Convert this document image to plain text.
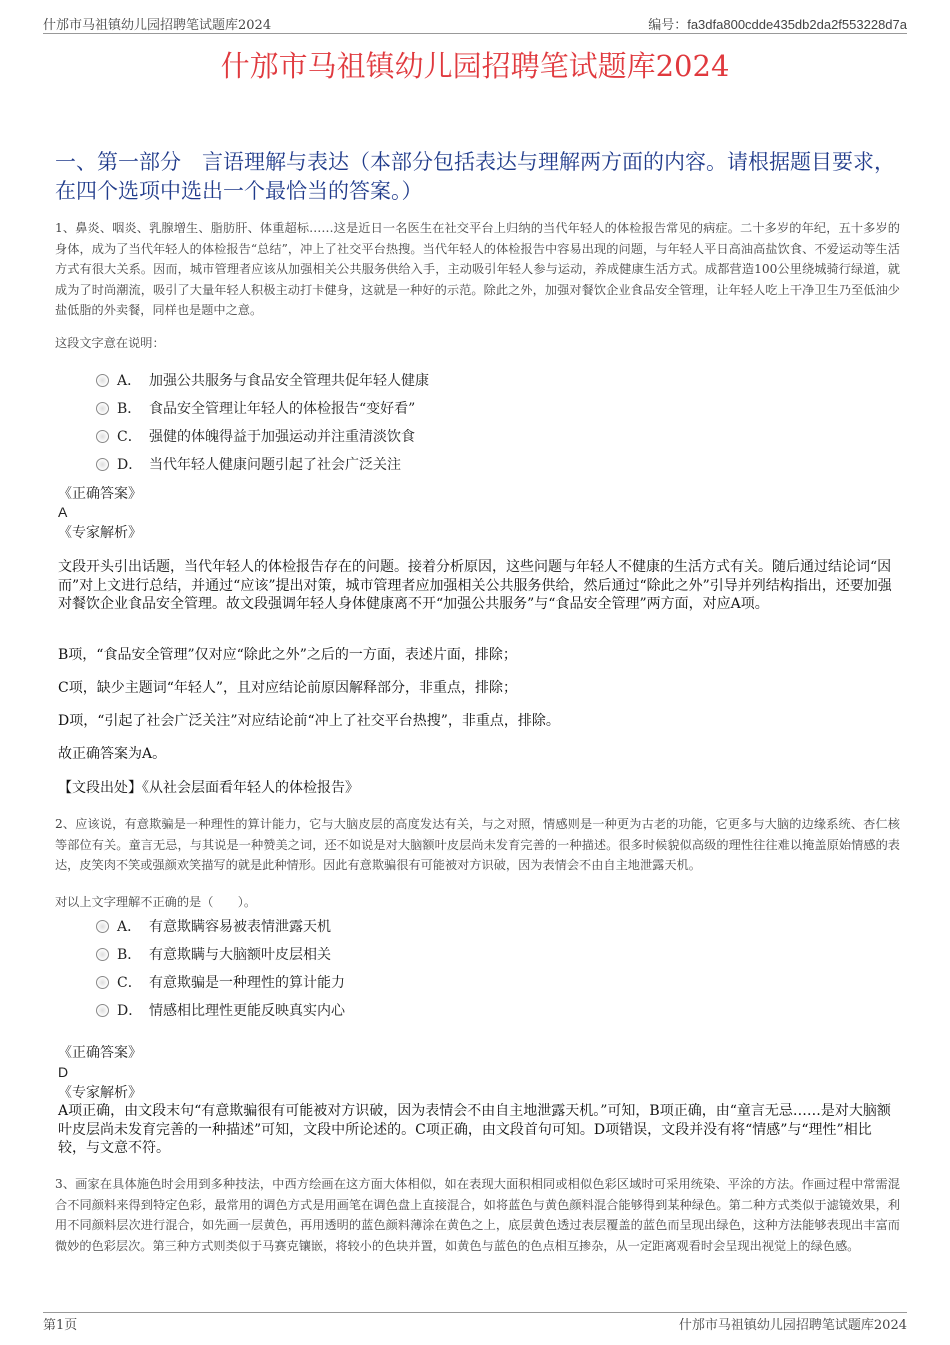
什邡市马祖镇幼儿园招聘笔试题库2024	编号：fa3dfa800cdde435db2da2f553228d7a
什邡市马祖镇幼儿园招聘笔试题库2024
一、第一部分　言语理解与表达（本部分包括表达与理解两方面的内容。请根据题目要求，在四个选项中选出一个最恰当的答案。）
1、鼻炎、咽炎、乳腺增生、脂肪肝、体重超标……这是近日一名医生在社交平台上归纳的当代年轻人的体检报告常见的病症。二十多岁的年纪，五十多岁的身体，成为了当代年轻人的体检报告“总结”，冲上了社交平台热搜。当代年轻人的体检报告中容易出现的问题，与年轻人平日高油高盐饮食、不爱运动等生活方式有很大关系。因而，城市管理者应该从加强相关公共服务供给入手，主动吸引年轻人参与运动，养成健康生活方式。成都营造100公里绕城骑行绿道，就成为了时尚潮流，吸引了大量年轻人积极主动打卡健身，这就是一种好的示范。除此之外，加强对餐饮企业食品安全管理，让年轻人吃上干净卫生乃至低油少盐低脂的外卖餐，同样也是题中之意。
这段文字意在说明：
A． 加强公共服务与食品安全管理共促年轻人健康
B． 食品安全管理让年轻人的体检报告“变好看”
C． 强健的体魄得益于加强运动并注重清淡饮食
D． 当代年轻人健康问题引起了社会广泛关注
《正确答案》
A
《专家解析》
文段开头引出话题，当代年轻人的体检报告存在的问题。接着分析原因，这些问题与年轻人不健康的生活方式有关。随后通过结论词“因而”对上文进行总结，并通过“应该”提出对策，城市管理者应加强相关公共服务供给，然后通过“除此之外”引导并列结构指出，还要加强对餐饮企业食品安全管理。故文段强调年轻人身体健康离不开“加强公共服务”与“食品安全管理”两方面，对应A项。
B项，“食品安全管理”仅对应“除此之外”之后的一方面，表述片面，排除；
C项，缺少主题词“年轻人”，且对应结论前原因解释部分，非重点，排除；
D项，“引起了社会广泛关注”对应结论前“冲上了社交平台热搜”，非重点，排除。
故正确答案为A。
【文段出处】《从社会层面看年轻人的体检报告》
2、应该说，有意欺骗是一种理性的算计能力，它与大脑皮层的高度发达有关，与之对照，情感则是一种更为古老的功能，它更多与大脑的边缘系统、杏仁核等部位有关。童言无忌，与其说是一种赞美之词，还不如说是对大脑额叶皮层尚未发育完善的一种描述。很多时候貌似高级的理性往往难以掩盖原始情感的表达，皮笑肉不笑或强颜欢笑描写的就是此种情形。因此有意欺骗很有可能被对方识破，因为表情会不由自主地泄露天机。
对以上文字理解不正确的是（　　）。
A． 有意欺瞒容易被表情泄露天机
B． 有意欺瞒与大脑额叶皮层相关
C． 有意欺骗是一种理性的算计能力
D． 情感相比理性更能反映真实内心
《正确答案》
D
《专家解析》
A项正确，由文段末句“有意欺骗很有可能被对方识破，因为表情会不由自主地泄露天机。”可知，B项正确，由“童言无忌……是对大脑额叶皮层尚未发育完善的一种描述”可知，文段中所论述的。C项正确，由文段首句可知。D项错误，文段并没有将“情感”与“理性”相比较，与文意不符。
3、画家在具体施色时会用到多种技法，中西方绘画在这方面大体相似，如在表现大面积相同或相似色彩区域时可采用统染、平涂的方法。作画过程中常需混合不同颜料来得到特定色彩，最常用的调色方式是用画笔在调色盘上直接混合，如将蓝色与黄色颜料混合能够得到某种绿色。第二种方式类似于滤镜效果，利用不同颜料层次进行混合，如先画一层黄色，再用透明的蓝色颜料薄涂在黄色之上，底层黄色透过表层覆盖的蓝色而呈现出绿色，这种方法能够表现出丰富而微妙的色彩层次。第三种方式则类似于马赛克镶嵌，将较小的色块并置，如黄色与蓝色的色点相互掺杂，从一定距离观看时会呈现出视觉上的绿色感。
第1页	什邡市马祖镇幼儿园招聘笔试题库2024
